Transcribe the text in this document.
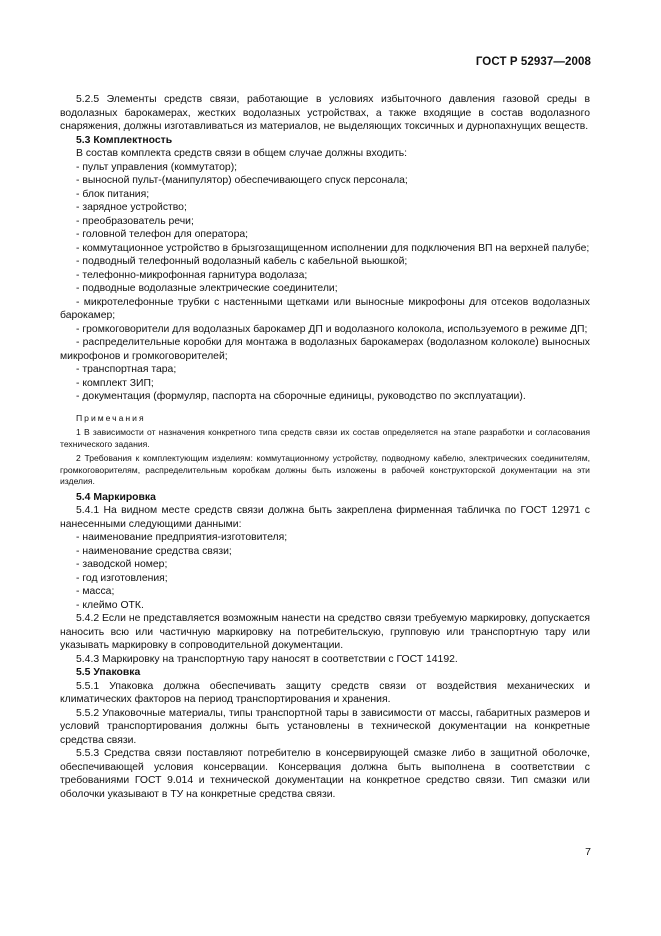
ГОСТ Р 52937—2008

5.2.5 Элементы средств связи, работающие в условиях избыточного давления газовой среды в водолазных барокамерах, жестких водолазных устройствах, а также входящие в состав водолазного снаряжения, должны изготавливаться из материалов, не выделяющих токсичных и дурнопахнущих веществ.

5.3 Комплектность

В состав комплекта средств связи в общем случае должны входить:

- пульт управления (коммутатор);

- выносной пульт-(манипулятор) обеспечивающего спуск персонала;

- блок питания;

- зарядное устройство;

- преобразователь речи;

- головной телефон для оператора;

- коммутационное устройство в брызгозащищенном исполнении для подключения ВП на верхней палубе;

- подводный телефонный водолазный кабель с кабельной вьюшкой;

- телефонно-микрофонная гарнитура водолаза;

- подводные водолазные электрические соединители;

- микротелефонные трубки с настенными щетками или выносные микрофоны для отсеков водолазных барокамер;

- громкоговорители для водолазных барокамер ДП и водолазного колокола, используемого в режиме ДП;

- распределительные коробки для монтажа в водолазных барокамерах (водолазном колоколе) выносных микрофонов и громкоговорителей;

- транспортная тара;

- комплект ЗИП;

- документация (формуляр, паспорта на сборочные единицы, руководство по эксплуатации).

Примечания

1 В зависимости от назначения конкретного типа средств связи их состав определяется на этапе разработки и согласования технического задания.

2 Требования к комплектующим изделиям: коммутационному устройству, подводному кабелю, электрических соединителям, громкоговорителям, распределительным коробкам должны быть изложены в рабочей конструкторской документации на эти изделия.

5.4 Маркировка

5.4.1 На видном месте средств связи должна быть закреплена фирменная табличка по ГОСТ 12971 с нанесенными следующими данными:

- наименование предприятия-изготовителя;

- наименование средства связи;

- заводской номер;

- год изготовления;

- масса;

- клеймо ОТК.

5.4.2 Если не представляется возможным нанести на средство связи требуемую маркировку, допускается наносить всю или частичную маркировку на потребительскую, групповую или транспортную тару или указывать маркировку в сопроводительной документации.

5.4.3 Маркировку на транспортную тару наносят в соответствии с ГОСТ 14192.

5.5 Упаковка

5.5.1 Упаковка должна обеспечивать защиту средств связи от воздействия механических и климатических факторов на период транспортирования и хранения.

5.5.2 Упаковочные материалы, типы транспортной тары в зависимости от массы, габаритных размеров и условий транспортирования должны быть установлены в технической документации на конкретные средства связи.

5.5.3 Средства связи поставляют потребителю в консервирующей смазке либо в защитной оболочке, обеспечивающей условия консервации. Консервация должна быть выполнена в соответствии с требованиями ГОСТ 9.014 и технической документации на конкретное средство связи. Тип смазки или оболочки указывают в ТУ на конкретные средства связи.

7
